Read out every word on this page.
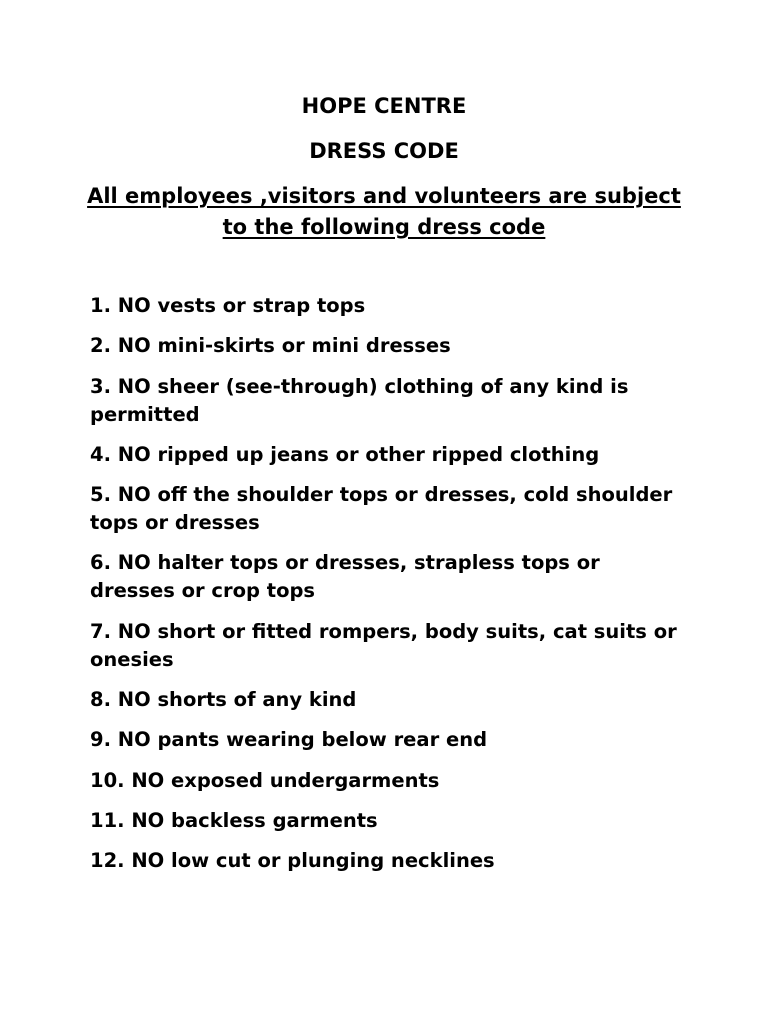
HOPE CENTRE
DRESS CODE

All employees ,visitors and volunteers are subject to the following dress code

1. NO vests or strap tops
2. NO mini-skirts or mini dresses
3. NO sheer (see-through) clothing of any kind is permitted
4. NO ripped up jeans or other ripped clothing
5. NO off the shoulder tops or dresses, cold shoulder tops or dresses
6. NO halter tops or dresses, strapless tops or dresses or crop tops
7. NO short or fitted rompers, body suits, cat suits or onesies
8. NO shorts of any kind
9. NO pants wearing below rear end
10. NO exposed undergarments
11. NO backless garments
12. NO low cut or plunging necklines
